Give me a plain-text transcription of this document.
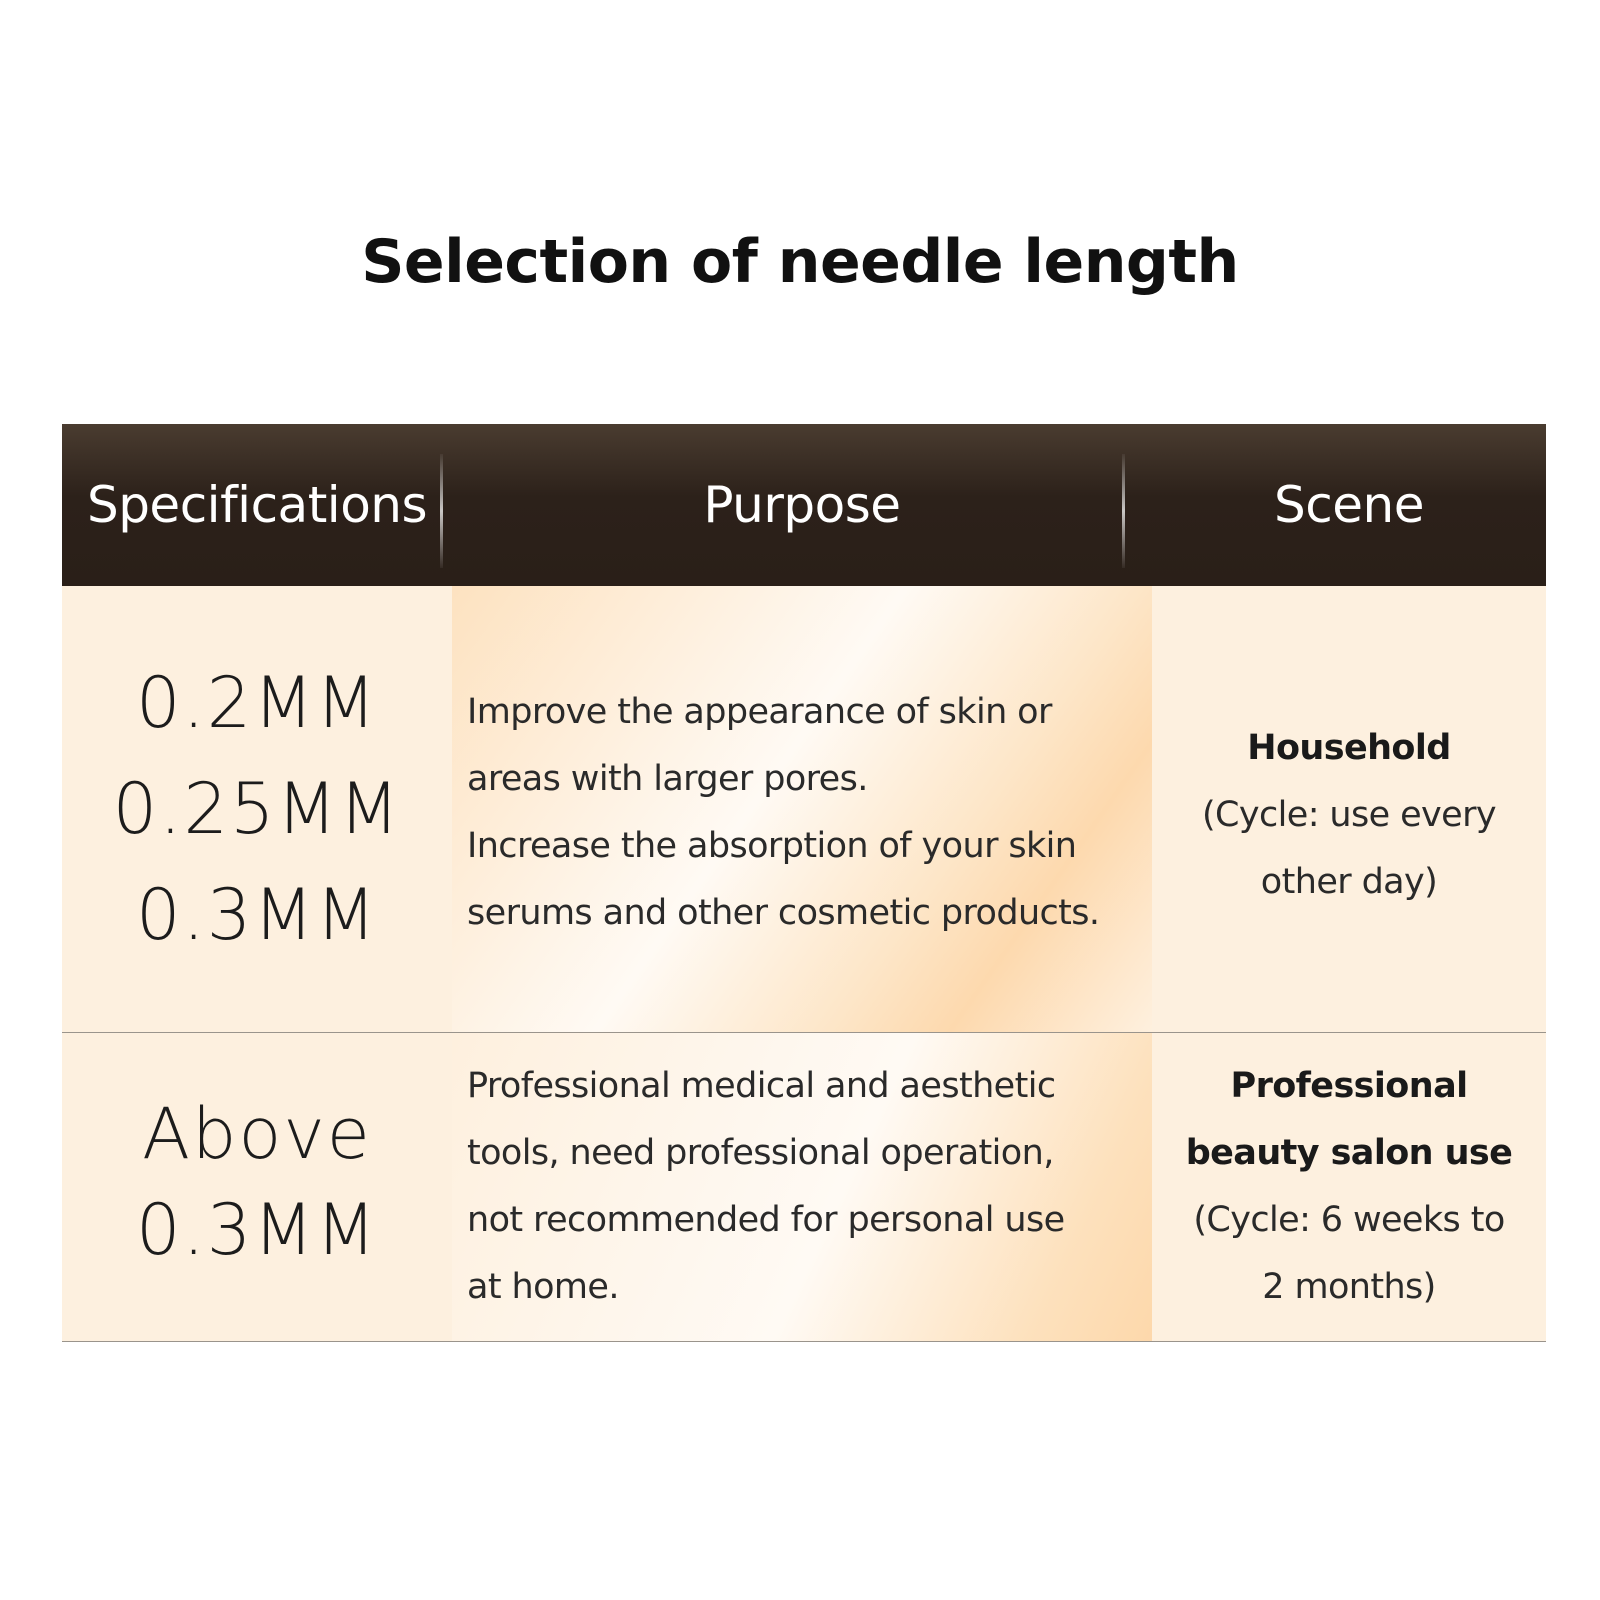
Selection of needle length
Specifications	Purpose	Scene
0.2MM
0.25MM
0.3MM
Improve the appearance of skin or
areas with larger pores.
Increase the absorption of your skin
serums and other cosmetic products.
Household
(Cycle: use every
other day)
Above
0.3MM
Professional medical and aesthetic
tools, need professional operation,
not recommended for personal use
at home.
Professional
beauty salon use
(Cycle: 6 weeks to
2 months)
